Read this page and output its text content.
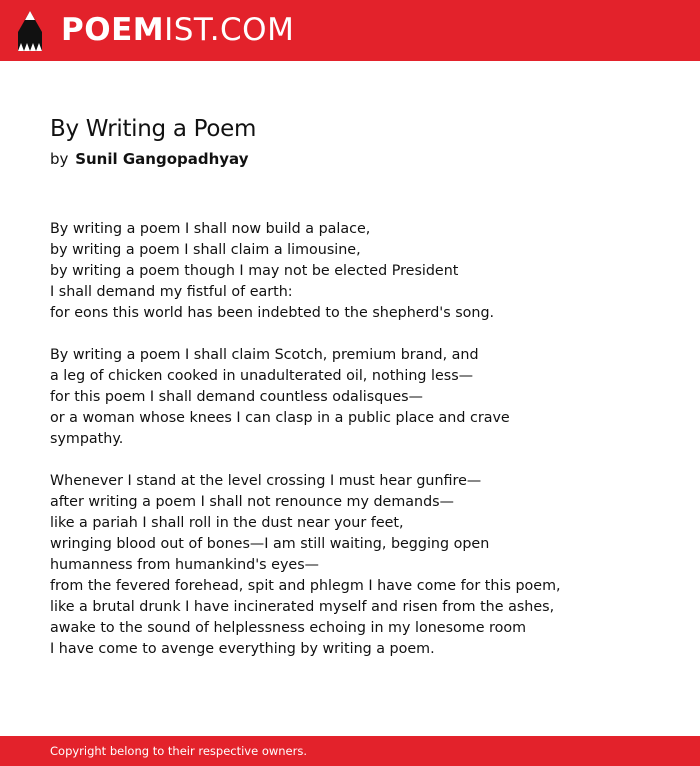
POEMIST.COM
By Writing a Poem
by Sunil Gangopadhyay
By writing a poem I shall now build a palace,
by writing a poem I shall claim a limousine,
by writing a poem though I may not be elected President
I shall demand my fistful of earth:
for eons this world has been indebted to the shepherd's song.
By writing a poem I shall claim Scotch, premium brand, and
a leg of chicken cooked in unadulterated oil, nothing less—
for this poem I shall demand countless odalisques—
or a woman whose knees I can clasp in a public place and crave
sympathy.
Whenever I stand at the level crossing I must hear gunfire—
after writing a poem I shall not renounce my demands—
like a pariah I shall roll in the dust near your feet,
wringing blood out of bones—I am still waiting, begging open
humanness from humankind's eyes—
from the fevered forehead, spit and phlegm I have come for this poem,
like a brutal drunk I have incinerated myself and risen from the ashes,
awake to the sound of helplessness echoing in my lonesome room
I have come to avenge everything by writing a poem.
Copyright belong to their respective owners.
